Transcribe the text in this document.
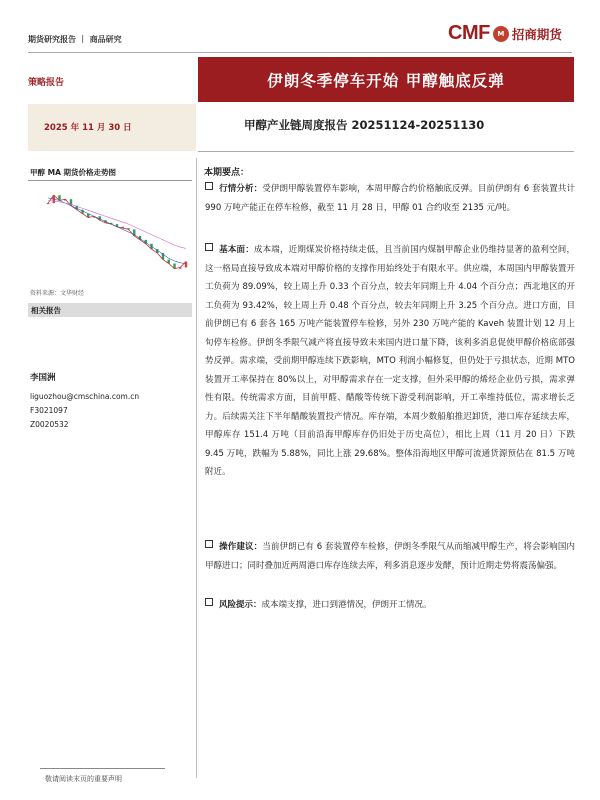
期货研究报告 ｜ 商品研究	CMF	M 招商期货
策略报告	伊朗冬季停车开始 甲醇触底反弹
2025 年 11 月 30 日	甲醇产业链周度报告 20251124-20251130
甲醇 MA 期货价格走势图
资料来源：文华财经
相关报告
李国洲
liguozhou@cmschina.com.cn
F3021097
Z0020532
本期要点：
行情分析：受伊朗甲醇装置停车影响，本周甲醇合约价格触底反弹。目前伊朗有 6 套装置共计 990 万吨产能正在停车检修，截至 11 月 28 日，甲醇 01 合约收至 2135 元/吨。
基本面：成本端，近期煤炭价格持续走低，且当前国内煤制甲醇企业仍维持显著的盈利空间，这一格局直接导致成本端对甲醇价格的支撑作用始终处于有限水平。供应端，本周国内甲醇装置开工负荷为 89.09%，较上周上升 0.33 个百分点，较去年同期上升 4.04 个百分点；西北地区的开工负荷为 93.42%，较上周上升 0.48 个百分点，较去年同期上升 3.25 个百分点。进口方面，目前伊朗已有 6 套各 165 万吨产能装置停车检修，另外 230 万吨产能的 Kaveh 装置计划 12 月上旬停车检修。伊朗冬季限气减产将直接导致未来国内进口量下降，该利多消息促使甲醇价格底部强势反弹。需求端，受前期甲醇连续下跌影响，MTO 利润小幅修复，但仍处于亏损状态，近期 MTO 装置开工率保持在 80%以上，对甲醇需求存在一定支撑，但外采甲醇的烯烃企业仍亏损，需求弹性有限。传统需求方面，目前甲醛、醋酸等传统下游受利润影响，开工率维持低位，需求增长乏力。后续需关注下半年醋酸装置投产情况。库存端，本周少数船舶推迟卸货，港口库存延续去库，甲醇库存 151.4 万吨（目前沿海甲醇库存仍旧处于历史高位），相比上周（11 月 20 日）下跌 9.45 万吨，跌幅为 5.88%，同比上涨 29.68%。整体沿海地区甲醇可流通货源预估在 81.5 万吨附近。
操作建议：当前伊朗已有 6 套装置停车检修，伊朗冬季限气从而缩减甲醇生产，将会影响国内甲醇进口；同时叠加近两周港口库存连续去库，利多消息逐步发酵，预计近期走势将震荡偏强。
风险提示：成本端支撑，进口到港情况，伊朗开工情况。
敬请阅读末页的重要声明
